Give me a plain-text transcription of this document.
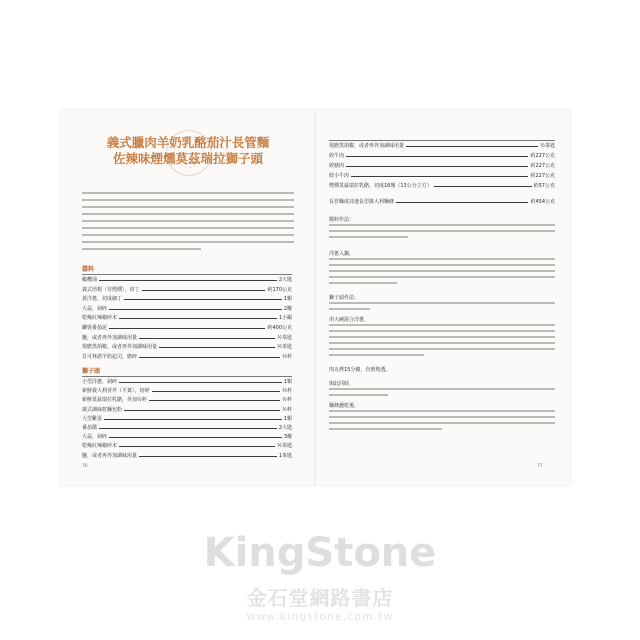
義式臘肉羊奶乳酪茄汁長管麵
佐辣味煙燻莫茲瑞拉獅子頭
醬料
橄欖油	2大匙
義式培根（非煙燻），切丁	約170公克
黃洋蔥，切成細丁	1顆
大蒜，剁碎	2瓣
乾燥紅辣椒碎末	1小撮
罐裝番茄泥	約400公克
鹽，或者再外加調味用量	½茶匙
現磨黑胡椒，或者再外加調味用量	½茶匙
貝可林諾羊奶起司，磨碎	½杯
獅子頭
小型洋蔥，剁碎	1顆
新鮮義大利香芹（平葉），切碎	½杯
新鮮莫茲瑞拉乳酪，外加½杯	½杯
義式調味乾麵包粉	½杯
大型雞蛋	1顆
番茄醬	2大匙
大蒜，剁碎	3瓣
乾燥紅辣椒碎末	½茶匙
鹽，或者再外加調味用量	1茶匙
76
現磨黑胡椒，或者再外加調味用量	½茶匙
絞牛肉	約227公克
絞豬肉	約227公克
絞小牛肉	約227公克
煙燻莫茲瑞拉乳酪，切成16塊（13公分立方）	約57公克
長管麵或其他長型義大利麵條	約454公克
醬料作法：
洋蔥入鍋，
獅子頭作法：
用大碗混合洋蔥，
肉丸烤15分鐘，直到熟透。
與此同時，
麵條瀝乾後，
77
KingStone
金石堂網路書店
www.kingstone.com.tw
